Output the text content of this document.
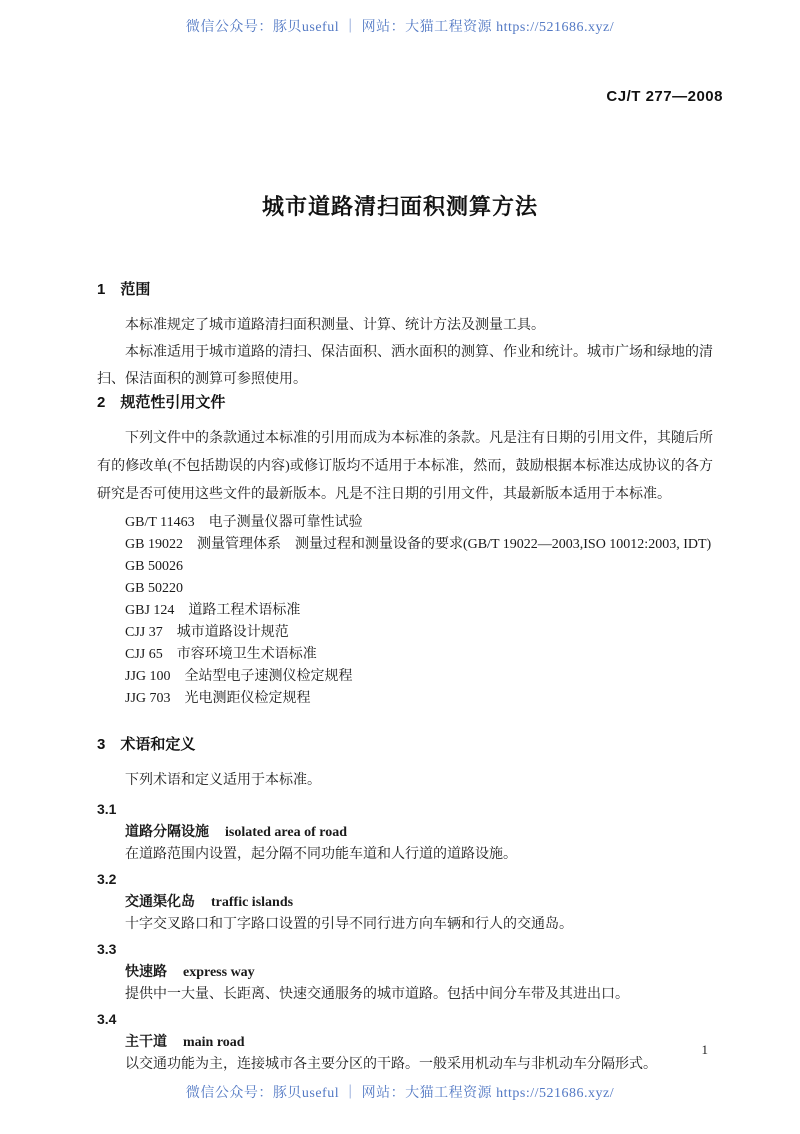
微信公众号：豚贝useful ｜ 网站：大猫工程资源 https://521686.xyz/
CJ/T 277—2008
城市道路清扫面积测算方法
1　范围

本标准规定了城市道路清扫面积测量、计算、统计方法及测量工具。

本标准适用于城市道路的清扫、保洁面积、洒水面积的测算、作业和统计。城市广场和绿地的清扫、保洁面积的测算可参照使用。

2　规范性引用文件

下列文件中的条款通过本标准的引用而成为本标准的条款。凡是注有日期的引用文件，其随后所有的修改单(不包括勘误的内容)或修订版均不适用于本标准，然而，鼓励根据本标准达成协议的各方研究是否可使用这些文件的最新版本。凡是不注日期的引用文件，其最新版本适用于本标准。

GB/T 11463　电子测量仪器可靠性试验

GB 19022　测量管理体系　测量过程和测量设备的要求(GB/T 19022—2003,ISO 10012:2003, IDT)

GB 50026

GB 50220

GBJ 124　道路工程术语标准

CJJ 37　城市道路设计规范

CJJ 65　市容环境卫生术语标准

JJG 100　全站型电子速测仪检定规程

JJG 703　光电测距仪检定规程

3　术语和定义

下列术语和定义适用于本标准。

3.1
道路分隔设施 isolated area of road

在道路范围内设置，起分隔不同功能车道和人行道的道路设施。

3.2
交通渠化岛 traffic islands

十字交叉路口和丁字路口设置的引导不同行进方向车辆和行人的交通岛。

3.3
快速路 express way

提供中一大量、长距离、快速交通服务的城市道路。包括中间分车带及其进出口。

3.4
主干道 main road

以交通功能为主，连接城市各主要分区的干路。一般采用机动车与非机动车分隔形式。

1
微信公众号：豚贝useful ｜ 网站：大猫工程资源 https://521686.xyz/
